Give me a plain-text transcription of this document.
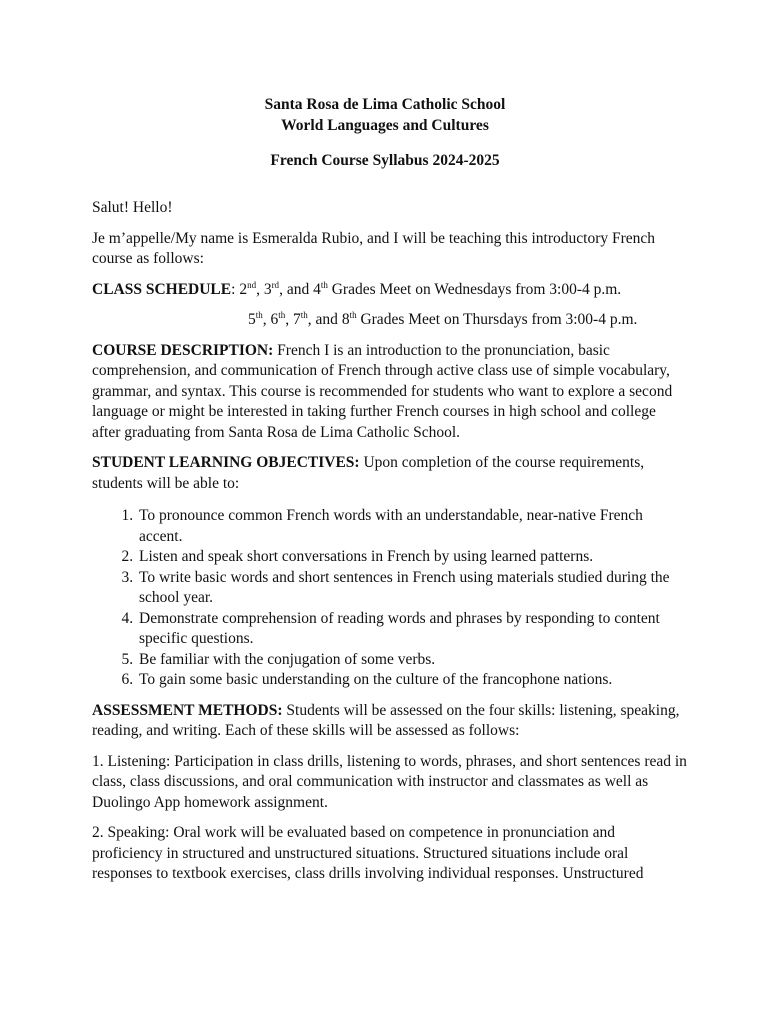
Santa Rosa de Lima Catholic School
World Languages and Cultures
French Course Syllabus 2024-2025

Salut! Hello!

Je m’appelle/My name is Esmeralda Rubio, and I will be teaching this introductory French course as follows:

CLASS SCHEDULE: 2nd, 3rd, and 4th Grades Meet on Wednesdays from 3:00-4 p.m.

5th, 6th, 7th, and 8th Grades Meet on Thursdays from 3:00-4 p.m.

COURSE DESCRIPTION: French I is an introduction to the pronunciation, basic comprehension, and communication of French through active class use of simple vocabulary, grammar, and syntax. This course is recommended for students who want to explore a second language or might be interested in taking further French courses in high school and college after graduating from Santa Rosa de Lima Catholic School.

STUDENT LEARNING OBJECTIVES: Upon completion of the course requirements, students will be able to:

1. To pronounce common French words with an understandable, near-native French accent.
2. Listen and speak short conversations in French by using learned patterns.
3. To write basic words and short sentences in French using materials studied during the school year.
4. Demonstrate comprehension of reading words and phrases by responding to content specific questions.
5. Be familiar with the conjugation of some verbs.
6. To gain some basic understanding on the culture of the francophone nations.

ASSESSMENT METHODS: Students will be assessed on the four skills: listening, speaking, reading, and writing. Each of these skills will be assessed as follows:

1. Listening: Participation in class drills, listening to words, phrases, and short sentences read in class, class discussions, and oral communication with instructor and classmates as well as Duolingo App homework assignment.

2. Speaking: Oral work will be evaluated based on competence in pronunciation and proficiency in structured and unstructured situations. Structured situations include oral responses to textbook exercises, class drills involving individual responses. Unstructured
